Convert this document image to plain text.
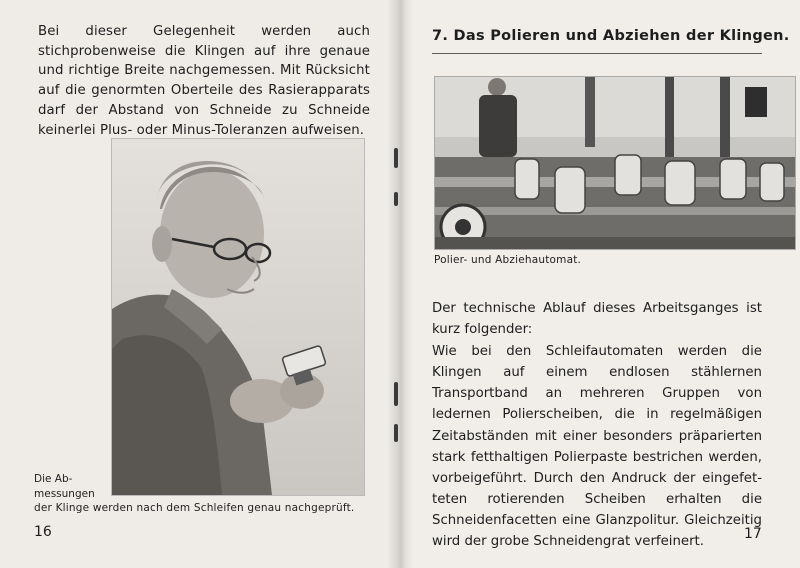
Bei dieser Gelegenheit werden auch stichprobenweise die Klingen auf ihre genaue und richtige Breite nachgemessen. Mit Rücksicht auf die genormten Oberteile des Rasierapparats darf der Abstand von Schneide zu Schneide keinerlei Plus- oder Minus-Toleranzen aufweisen.
Die Abmessungen
der Klinge werden nach dem Schleifen genau nachgeprüft.
16
7. Das Polieren und Abziehen der Klingen.
Polier- und Abziehautomat.

Der technische Ablauf dieses Arbeitsganges ist kurz folgender:

Wie bei den Schleifautomaten werden die Klingen auf einem endlosen stählernen Transportband an mehreren Gruppen von ledernen Polierscheiben, die in regelmäßigen Zeitabständen mit einer besonders präparierten stark fetthaltigen Polierpaste bestrichen werden, vorbeigeführt. Durch den Andruck der eingefetteten rotierenden Scheiben erhalten die Schneidenfacetten eine Glanzpolitur. Gleichzeitig wird der grobe Schneidengrat verfeinert.	17
